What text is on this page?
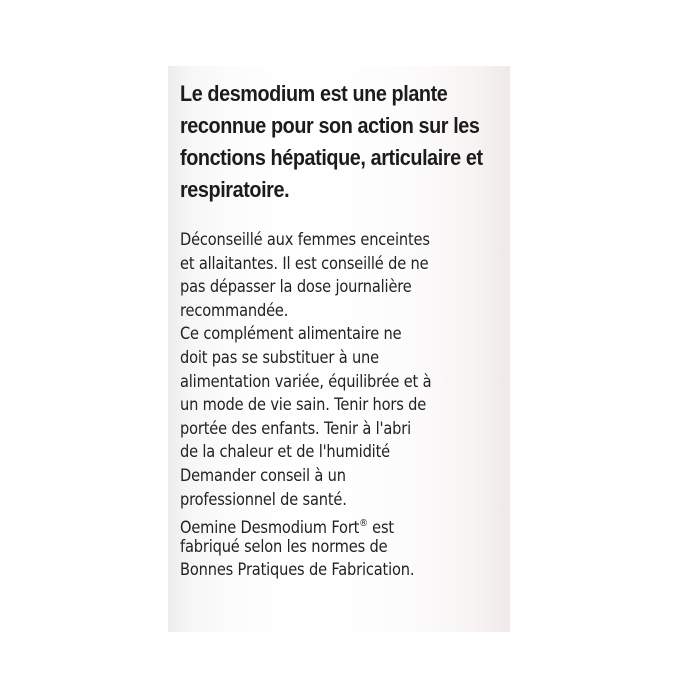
Le desmodium est une plante reconnue pour son action sur les fonctions hépatique, articulaire et respiratoire.

Déconseillé aux femmes enceintes
et allaitantes. Il est conseillé de ne
pas dépasser la dose journalière
recommandée.
Ce complément alimentaire ne
doit pas se substituer à une
alimentation variée, équilibrée et à
un mode de vie sain. Tenir hors de
portée des enfants. Tenir à l'abri
de la chaleur et de l'humidité
Demander conseil à un
professionnel de santé.
Oemine Desmodium Fort® est
fabriqué selon les normes de
Bonnes Pratiques de Fabrication.
